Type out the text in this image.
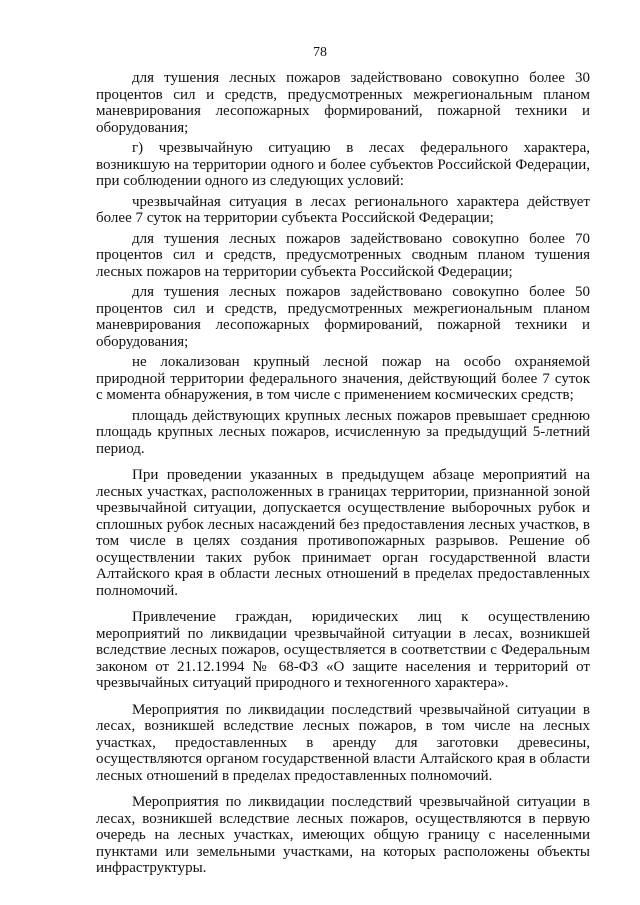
78

для тушения лесных пожаров задействовано совокупно более 30 процентов сил и средств, предусмотренных межрегиональным планом маневрирования лесопожарных формирований, пожарной техники и оборудования;

г) чрезвычайную ситуацию в лесах федерального характера, возникшую на территории одного и более субъектов Российской Федерации, при соблюдении одного из следующих условий:

чрезвычайная ситуация в лесах регионального характера действует более 7 суток на территории субъекта Российской Федерации;

для тушения лесных пожаров задействовано совокупно более 70 процентов сил и средств, предусмотренных сводным планом тушения лесных пожаров на территории субъекта Российской Федерации;

для тушения лесных пожаров задействовано совокупно более 50 процентов сил и средств, предусмотренных межрегиональным планом маневрирования лесопожарных формирований, пожарной техники и оборудования;

не локализован крупный лесной пожар на особо охраняемой природной территории федерального значения, действующий более 7 суток с момента обнаружения, в том числе с применением космических средств;

площадь действующих крупных лесных пожаров превышает среднюю площадь крупных лесных пожаров, исчисленную за предыдущий 5-летний период.

При проведении указанных в предыдущем абзаце мероприятий на лесных участках, расположенных в границах территории, признанной зоной чрезвычайной ситуации, допускается осуществление выборочных рубок и сплошных рубок лесных насаждений без предоставления лесных участков, в том числе в целях создания противопожарных разрывов. Решение об осуществлении таких рубок принимает орган государственной власти Алтайского края в области лесных отношений в пределах предоставленных полномочий.

Привлечение граждан, юридических лиц к осуществлению мероприятий по ликвидации чрезвычайной ситуации в лесах, возникшей вследствие лесных пожаров, осуществляется в соответствии с Федеральным законом от 21.12.1994 № 68-ФЗ «О защите населения и территорий от чрезвычайных ситуаций природного и техногенного характера».

Мероприятия по ликвидации последствий чрезвычайной ситуации в лесах, возникшей вследствие лесных пожаров, в том числе на лесных участках, предоставленных в аренду для заготовки древесины, осуществляются органом государственной власти Алтайского края в области лесных отношений в пределах предоставленных полномочий.

Мероприятия по ликвидации последствий чрезвычайной ситуации в лесах, возникшей вследствие лесных пожаров, осуществляются в первую очередь на лесных участках, имеющих общую границу с населенными пунктами или земельными участками, на которых расположены объекты инфраструктуры.
